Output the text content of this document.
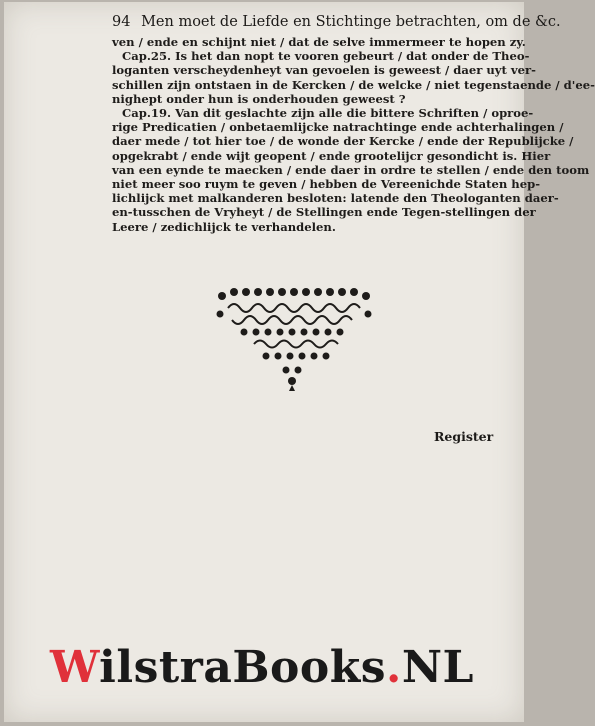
94 Men moet de Liefde en Stichtinge betrachten, om de &c.
ven / ende en schijnt niet / dat de selve immermeer te hopen zy.
Cap.25. Is het dan nopt te vooren gebeurt / dat onder de Theo-
loganten verscheydenheyt van gevoelen is geweest / daer uyt ver-
schillen zijn ontstaen in de Kercken / de welcke / niet tegenstaende / d'ee-
nighept onder hun is onderhouden geweest ?
Cap.19. Van dit geslachte zijn alle die bittere Schriften / oproe-
rige Predicatien / onbetaemlijcke natrachtinge ende achterhalingen /
daer mede / tot hier toe / de wonde der Kercke / ende der Republijcke /
opgekrabt / ende wijt geopent / ende grootelijcr gesondicht is. Hier
van een eynde te maecken / ende daer in ordre te stellen / ende den toom
niet meer soo ruym te geven / hebben de Vereenichde Staten hep-
lichlijck met malkanderen besloten: latende den Theologanten daer-
en-tusschen de Vryheyt / de Stellingen ende Tegen-stellingen der
Leere / zedichlijck te verhandelen.
Register
WilstraBooks.NL
